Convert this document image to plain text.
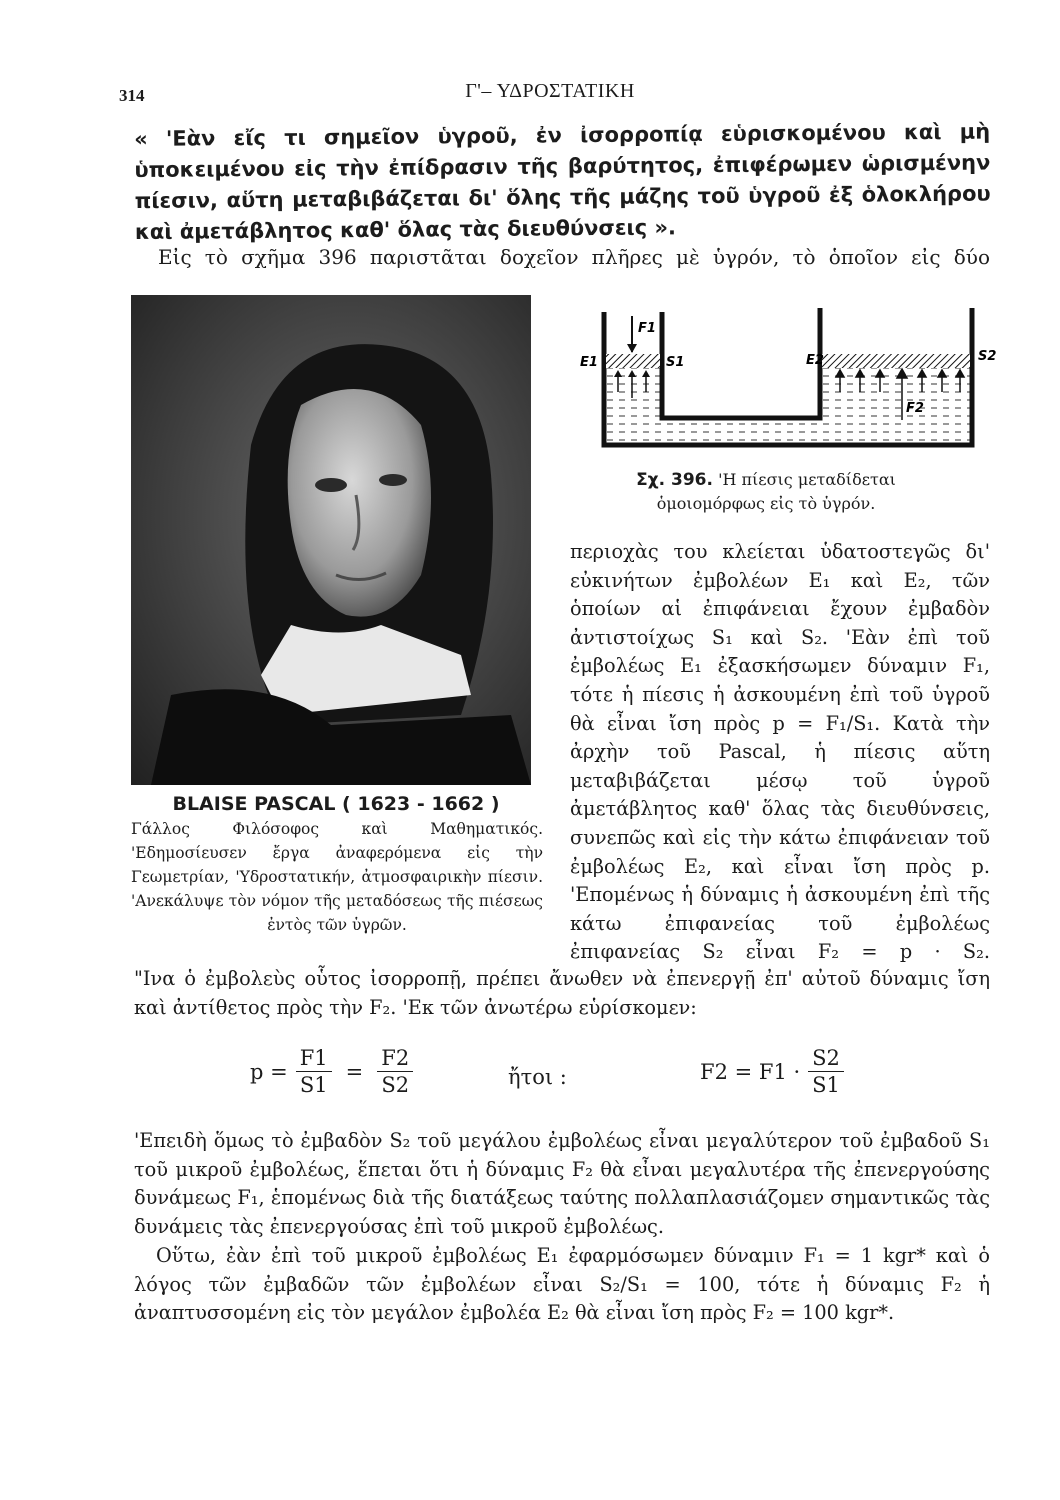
314	Γ'– ΥΔΡΟΣΤΑΤΙΚΗ
« 'Εὰν εἴς τι σημεῖον ὑγροῦ, ἐν ἰσορροπίᾳ εὑρισκομένου καὶ μὴ ὑποκειμένου εἰς τὴν ἐπίδρασιν τῆς βαρύτητος, ἐπιφέρωμεν ὡρισμένην πίεσιν, αὕτη μεταβιβάζεται δι' ὅλης τῆς μάζης τοῦ ὑγροῦ ἐξ ὁλοκλήρου καὶ ἀμετάβλητος καθ' ὅλας τὰς διευθύνσεις ».
Εἰς τὸ σχῆμα 396 παριστᾶται δοχεῖον πλῆρες μὲ ὑγρόν, τὸ ὁποῖον εἰς δύο
BLAISE PASCAL ( 1623 - 1662 )
Γάλλος Φιλόσοφος καὶ Μαθηματικός. 'Εδημοσίευσεν ἔργα ἀναφερόμενα εἰς τὴν Γεωμετρίαν, 'Υδροστατικήν, ἀτμοσφαιρικὴν πίεσιν. 'Ανεκάλυψε τὸν νόμον τῆς μεταδόσεως τῆς πιέσεως ἐντὸς τῶν ὑγρῶν.
E1
F1
S1	E2	S2
F2
Σχ. 396. 'Η πίεσις μεταδίδεται ὁμοιομόρφως εἰς τὸ ὑγρόν.
περιοχὰς του κλείεται ὑδατοστεγῶς δι' εὐκινήτων ἐμβολέων E₁ καὶ E₂, τῶν ὁποίων αἱ ἐπιφάνειαι ἔχουν ἐμβαδὸν ἀντιστοίχως S₁ καὶ S₂. 'Εὰν ἐπὶ τοῦ ἐμβολέως E₁ ἐξασκήσωμεν δύναμιν F₁, τότε ἡ πίεσις ἡ ἀσκουμένη ἐπὶ τοῦ ὑγροῦ θὰ εἶναι ἴση πρὸς p = F₁/S₁. Κατὰ τὴν ἀρχὴν τοῦ Pascal, ἡ πίεσις αὕτη μεταβιβάζεται μέσῳ τοῦ ὑγροῦ ἀμετάβλητος καθ' ὅλας τὰς διευθύνσεις, συνεπῶς καὶ εἰς τὴν κάτω ἐπιφάνειαν τοῦ ἐμβολέως E₂, καὶ εἶναι ἴση πρὸς p. 'Επομένως ἡ δύναμις ἡ ἀσκουμένη ἐπὶ τῆς κάτω ἐπιφανείας τοῦ ἐμβολέως ἐπιφανείας S₂ εἶναι F₂ = p · S₂.
"Ινα ὁ ἐμβολεὺς οὗτος ἰσορροπῇ, πρέπει ἄνωθεν νὰ ἐπενεργῇ ἐπ' αὐτοῦ δύναμις ἴση καὶ ἀντίθετος πρὸς τὴν F₂. 'Εκ τῶν ἀνωτέρω εὑρίσκομεν:
$p = \frac{F1}{S1} = \frac{F2}{S2}$	ἤτοι :	$F2 = F1 \cdot \frac{S2}{S1}$
'Επειδὴ ὅμως τὸ ἐμβαδὸν S₂ τοῦ μεγάλου ἐμβολέως εἶναι μεγαλύτερον τοῦ ἐμβαδοῦ S₁ τοῦ μικροῦ ἐμβολέως, ἕπεται ὅτι ἡ δύναμις F₂ θὰ εἶναι μεγαλυτέρα τῆς ἐπενεργούσης δυνάμεως F₁, ἑπομένως διὰ τῆς διατάξεως ταύτης πολλαπλασιάζομεν σημαντικῶς τὰς δυνάμεις τὰς ἐπενεργούσας ἐπὶ τοῦ μικροῦ ἐμβολέως.
Οὕτω, ἐὰν ἐπὶ τοῦ μικροῦ ἐμβολέως E₁ ἐφαρμόσωμεν δύναμιν F₁ = 1 kgr* καὶ ὁ λόγος τῶν ἐμβαδῶν τῶν ἐμβολέων εἶναι S₂/S₁ = 100, τότε ἡ δύναμις F₂ ἡ ἀναπτυσσομένη εἰς τὸν μεγάλον ἐμβολέα E₂ θὰ εἶναι ἴση πρὸς F₂ = 100 kgr*.
